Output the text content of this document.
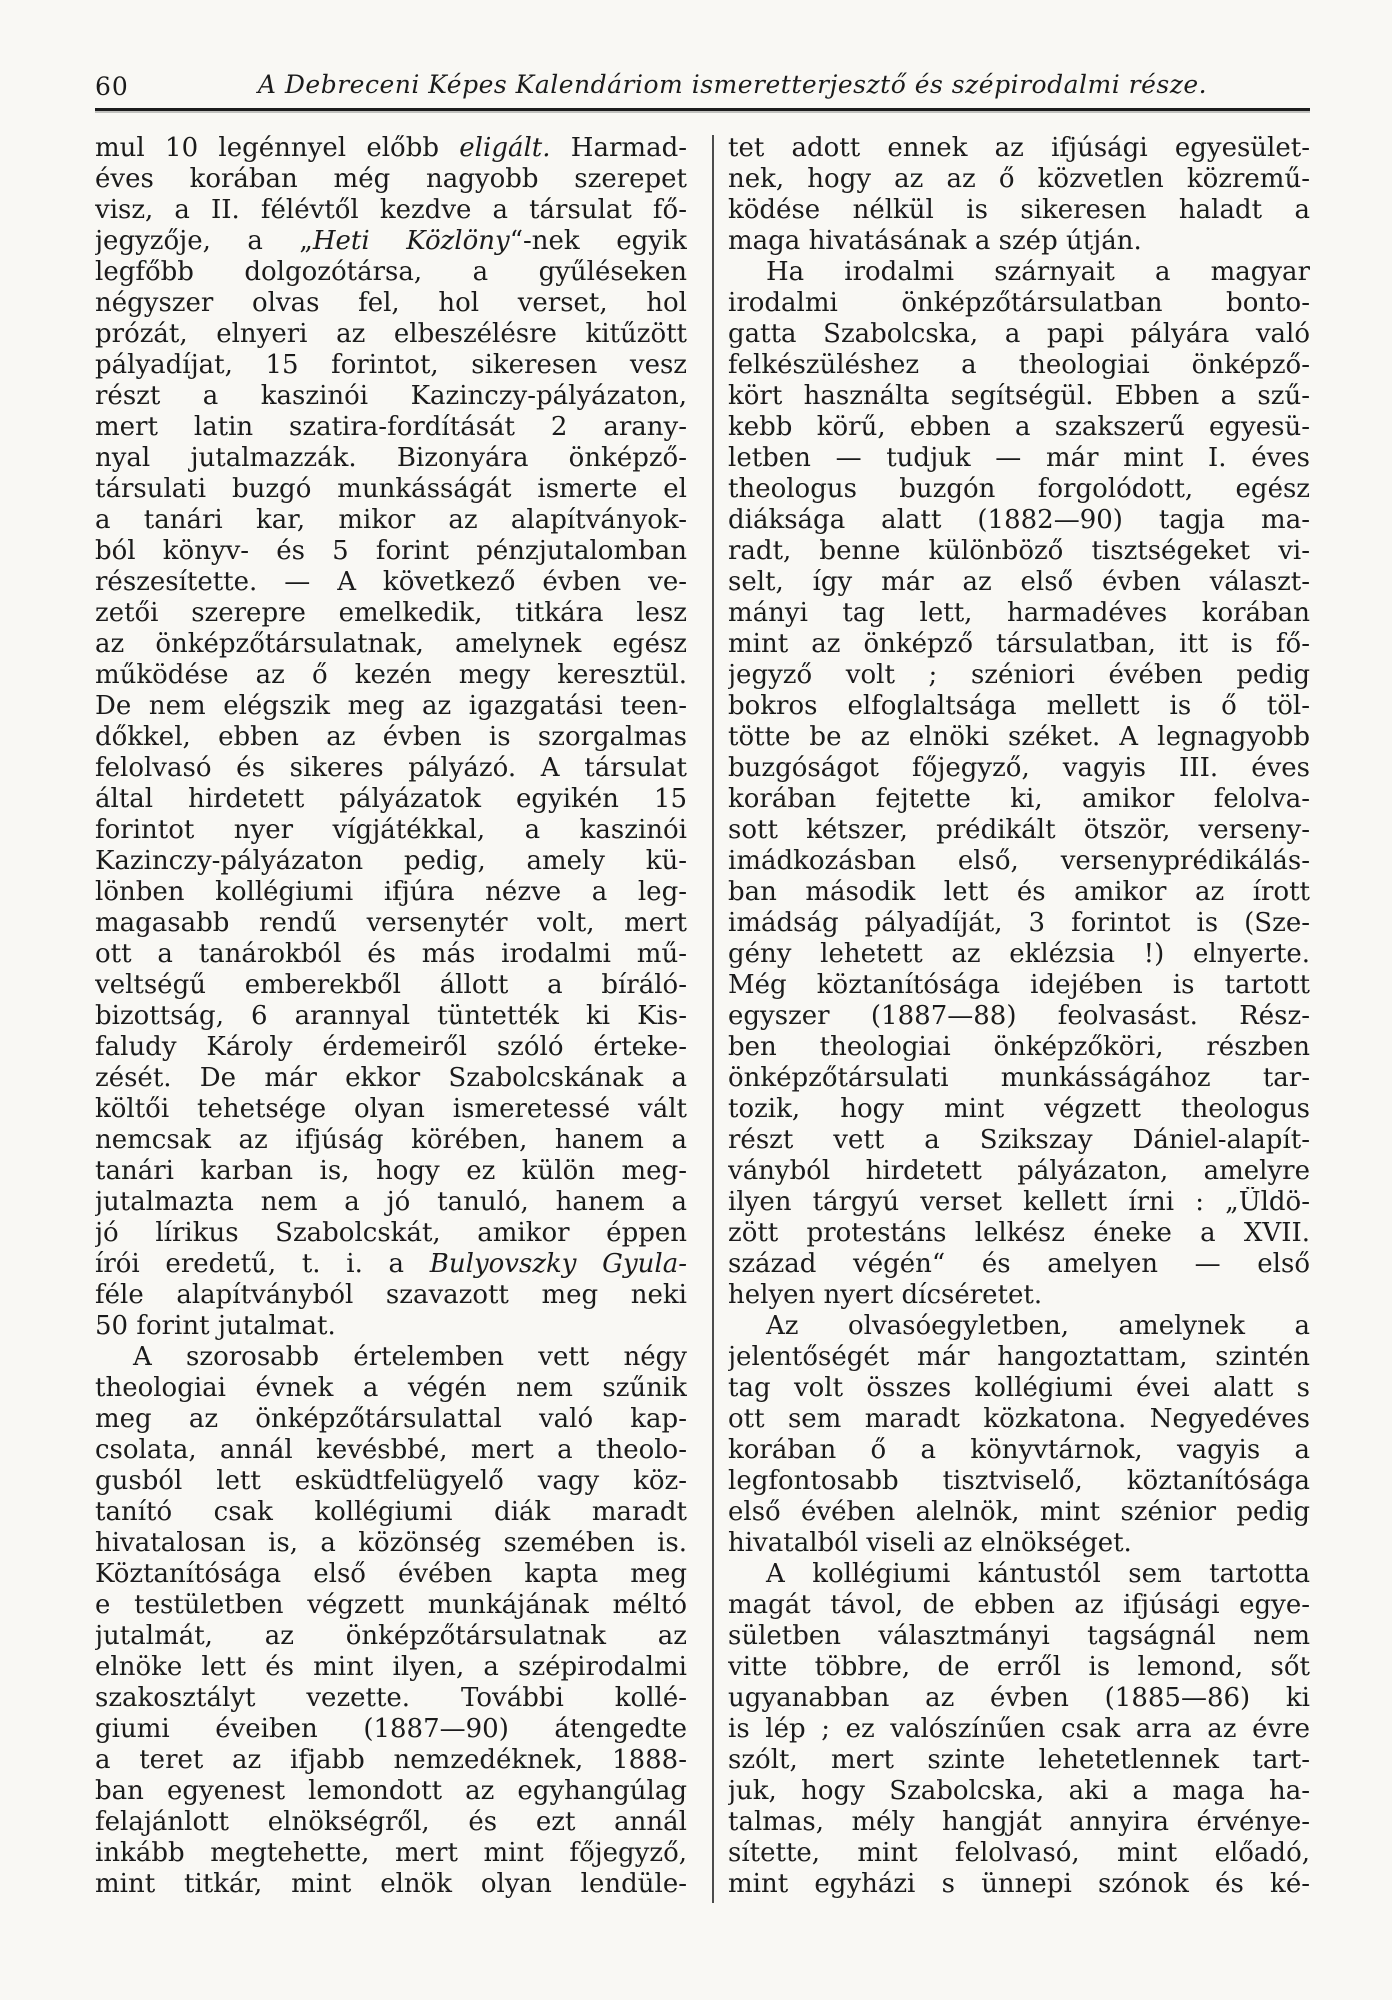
60	A Debreceni Képes Kalendáriom ismeretterjesztő és szépirodalmi része.
mul 10 legénnyel előbb eligált. Harmad-
éves korában még nagyobb szerepet
visz, a II. félévtől kezdve a társulat fő-
jegyzője, a „Heti Közlöny“-nek egyik
legfőbb dolgozótársa, a gyűléseken
négyszer olvas fel, hol verset, hol
prózát, elnyeri az elbeszélésre kitűzött
pályadíjat, 15 forintot, sikeresen vesz
részt a kaszinói Kazinczy-pályázaton,
mert latin szatira-fordítását 2 arany-
nyal jutalmazzák. Bizonyára önképző-
társulati buzgó munkásságát ismerte el
a tanári kar, mikor az alapítványok-
ból könyv- és 5 forint pénzjutalomban
részesítette. — A következő évben ve-
zetői szerepre emelkedik, titkára lesz
az önképzőtársulatnak, amelynek egész
működése az ő kezén megy keresztül.
De nem elégszik meg az igazgatási teen-
dőkkel, ebben az évben is szorgalmas
felolvasó és sikeres pályázó. A társulat
által hirdetett pályázatok egyikén 15
forintot nyer vígjátékkal, a kaszinói
Kazinczy-pályázaton pedig, amely kü-
lönben kollégiumi ifjúra nézve a leg-
magasabb rendű versenytér volt, mert
ott a tanárokból és más irodalmi mű-
veltségű emberekből állott a bíráló-
bizottság, 6 arannyal tüntették ki Kis-
faludy Károly érdemeiről szóló érteke-
zését. De már ekkor Szabolcskának a
költői tehetsége olyan ismeretessé vált
nemcsak az ifjúság körében, hanem a
tanári karban is, hogy ez külön meg-
jutalmazta nem a jó tanuló, hanem a
jó lírikus Szabolcskát, amikor éppen
írói eredetű, t. i. a Bulyovszky Gyula-
féle alapítványból szavazott meg neki
50 forint jutalmat.
A szorosabb értelemben vett négy
theologiai évnek a végén nem szűnik
meg az önképzőtársulattal való kap-
csolata, annál kevésbbé, mert a theolo-
gusból lett esküdtfelügyelő vagy köz-
tanító csak kollégiumi diák maradt
hivatalosan is, a közönség szemében is.
Köztanítósága első évében kapta meg
e testületben végzett munkájának méltó
jutalmát, az önképzőtársulatnak az
elnöke lett és mint ilyen, a szépirodalmi
szakosztályt vezette. További kollé-
giumi éveiben (1887—90) átengedte
a teret az ifjabb nemzedéknek, 1888-
ban egyenest lemondott az egyhangúlag
felajánlott elnökségről, és ezt annál
inkább megtehette, mert mint főjegyző,
mint titkár, mint elnök olyan lendüle-
tet adott ennek az ifjúsági egyesület-
nek, hogy az az ő közvetlen közremű-
ködése nélkül is sikeresen haladt a
maga hivatásának a szép útján.
Ha irodalmi szárnyait a magyar
irodalmi önképzőtársulatban bonto-
gatta Szabolcska, a papi pályára való
felkészüléshez a theologiai önképző-
kört használta segítségül. Ebben a szű-
kebb körű, ebben a szakszerű egyesü-
letben — tudjuk — már mint I. éves
theologus buzgón forgolódott, egész
diáksága alatt (1882—90) tagja ma-
radt, benne különböző tisztségeket vi-
selt, így már az első évben választ-
mányi tag lett, harmadéves korában
mint az önképző társulatban, itt is fő-
jegyző volt ; széniori évében pedig
bokros elfoglaltsága mellett is ő töl-
tötte be az elnöki széket. A legnagyobb
buzgóságot főjegyző, vagyis III. éves
korában fejtette ki, amikor felolva-
sott kétszer, prédikált ötször, verseny-
imádkozásban első, versenyprédikálás-
ban második lett és amikor az írott
imádság pályadíját, 3 forintot is (Sze-
gény lehetett az eklézsia !) elnyerte.
Még köztanítósága idejében is tartott
egyszer (1887—88) feolvasást. Rész-
ben theologiai önképzőköri, részben
önképzőtársulati munkásságához tar-
tozik, hogy mint végzett theologus
részt vett a Szikszay Dániel-alapít-
ványból hirdetett pályázaton, amelyre
ilyen tárgyú verset kellett írni : „Üldö-
zött protestáns lelkész éneke a XVII.
század végén“ és amelyen — első
helyen nyert dícséretet.
Az olvasóegyletben, amelynek a
jelentőségét már hangoztattam, szintén
tag volt összes kollégiumi évei alatt s
ott sem maradt közkatona. Negyedéves
korában ő a könyvtárnok, vagyis a
legfontosabb tisztviselő, köztanítósága
első évében alelnök, mint szénior pedig
hivatalból viseli az elnökséget.
A kollégiumi kántustól sem tartotta
magát távol, de ebben az ifjúsági egye-
sületben választmányi tagságnál nem
vitte többre, de erről is lemond, sőt
ugyanabban az évben (1885—86) ki
is lép ; ez valószínűen csak arra az évre
szólt, mert szinte lehetetlennek tart-
juk, hogy Szabolcska, aki a maga ha-
talmas, mély hangját annyira érvénye-
sítette, mint felolvasó, mint előadó,
mint egyházi s ünnepi szónok és ké-
